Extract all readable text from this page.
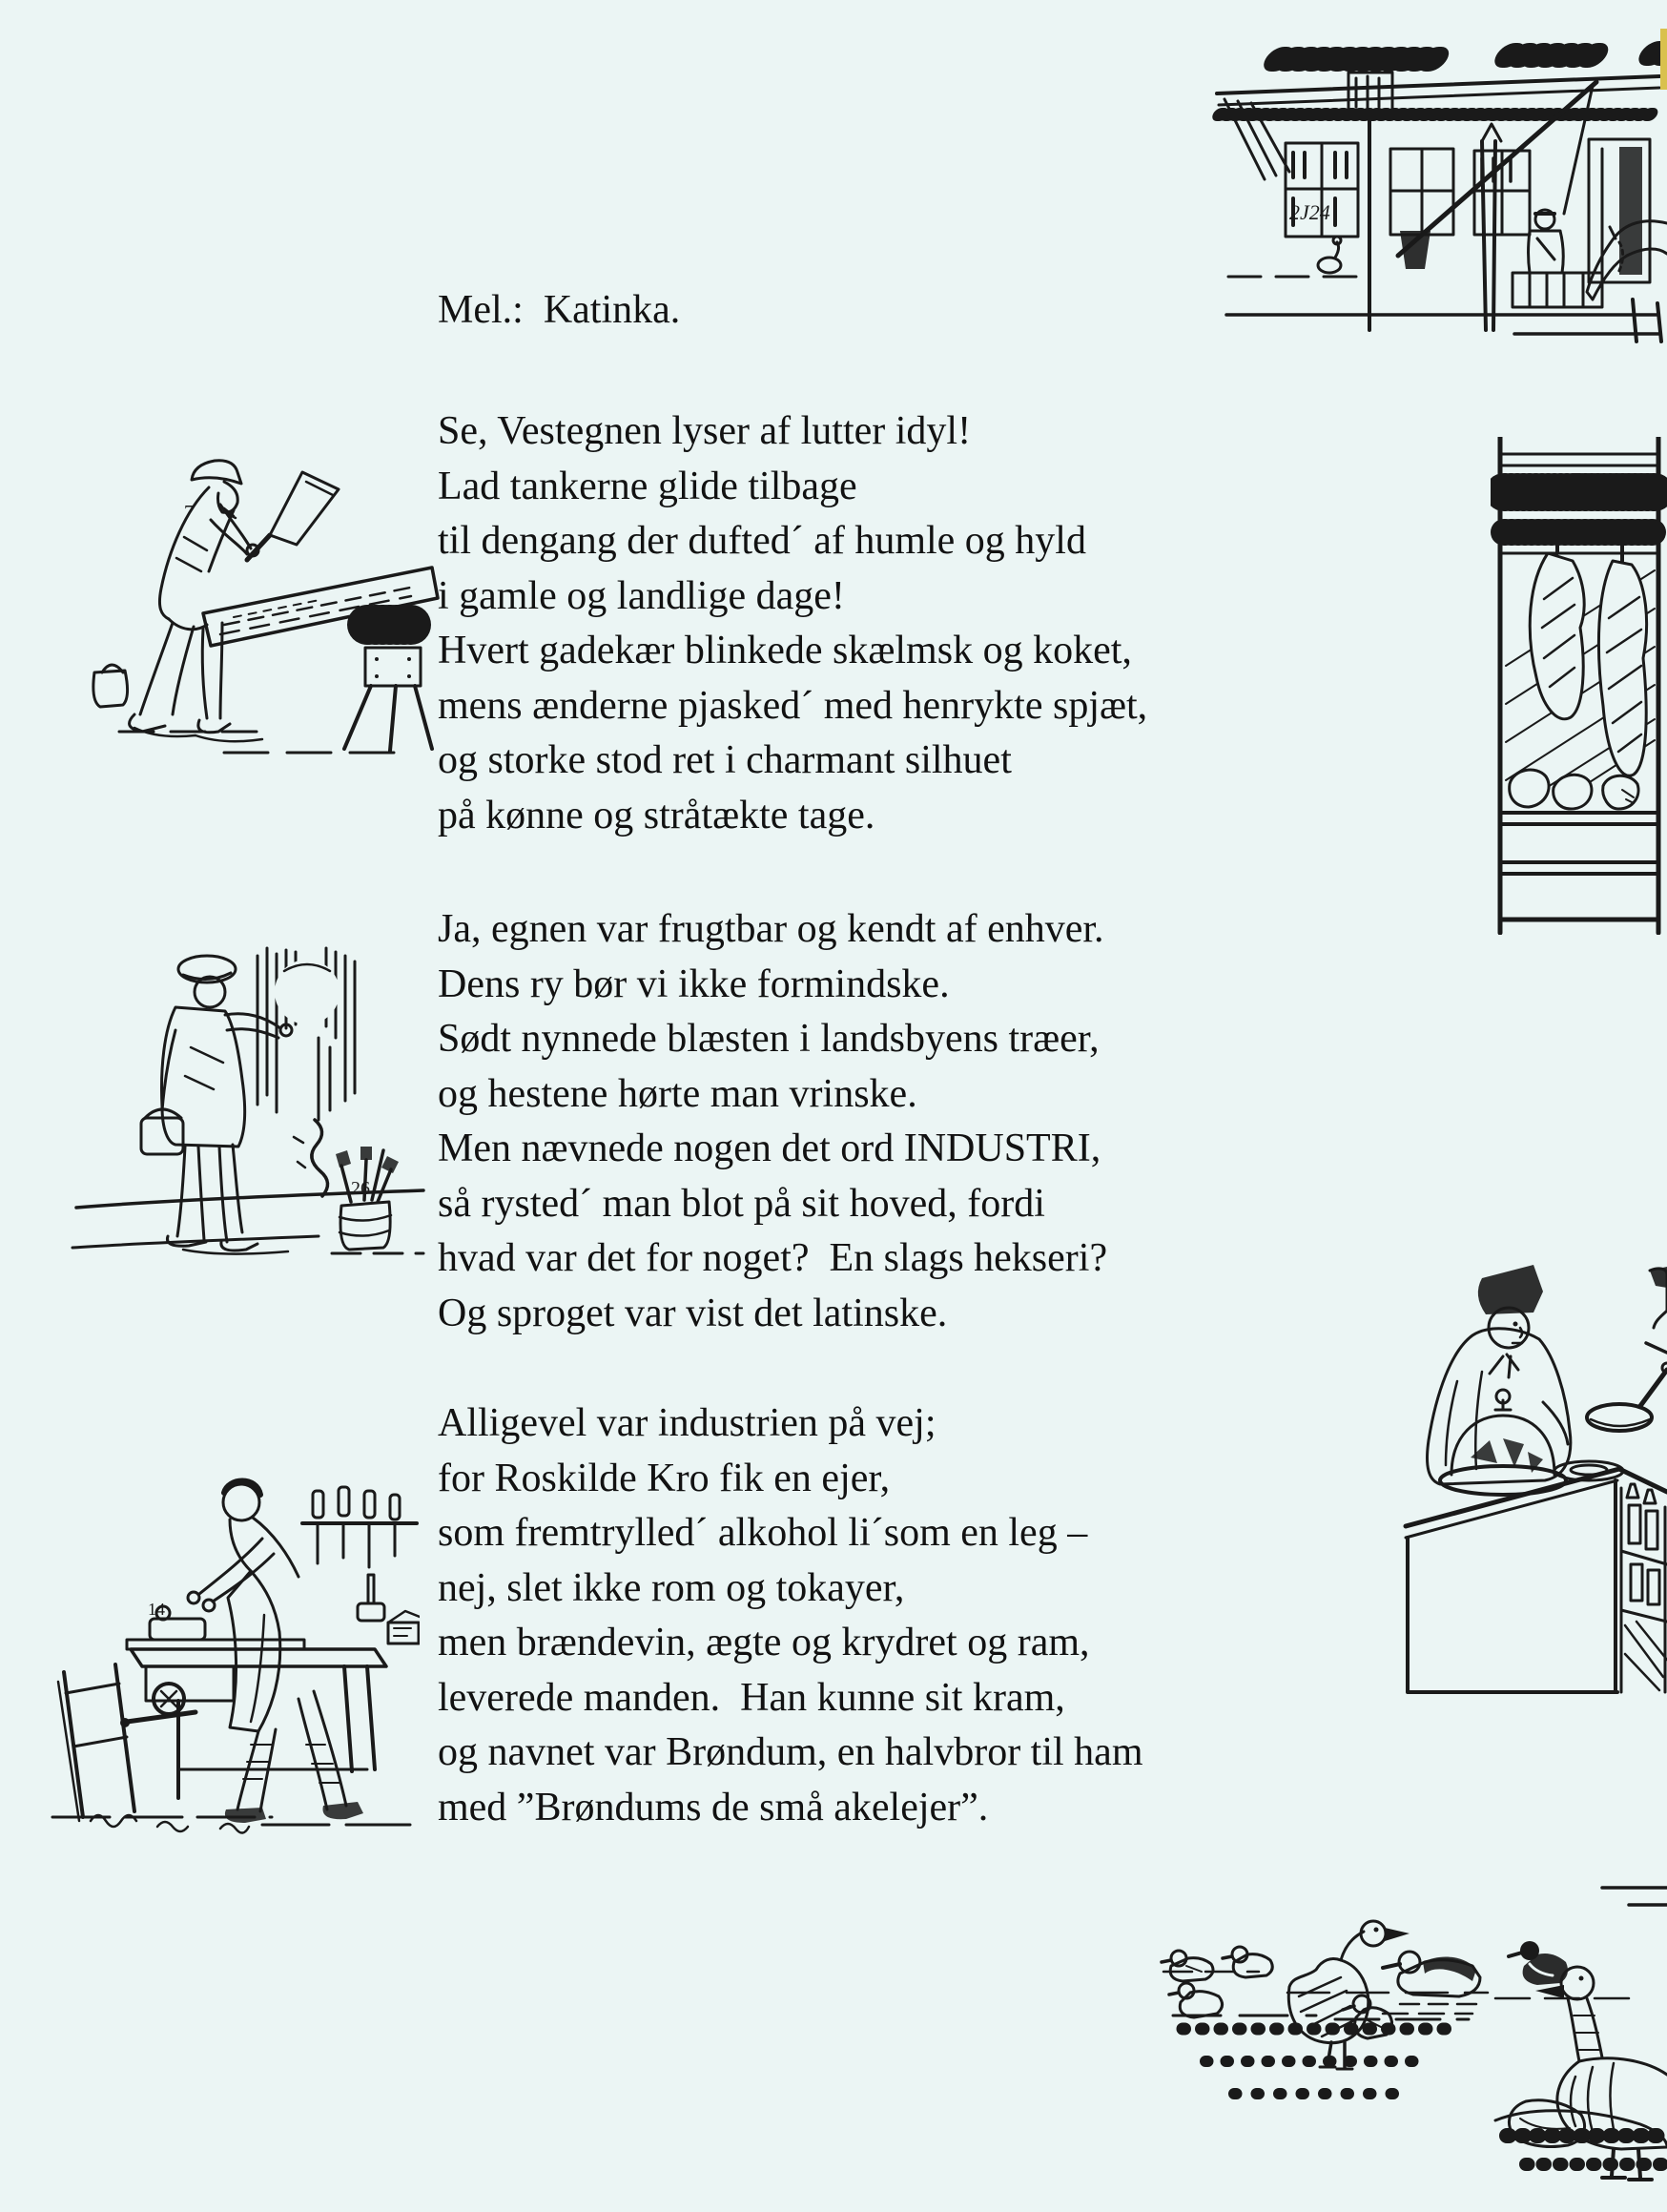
Mel.:  Katinka.
Se, Vestegnen lyser af lutter idyl!
Lad tankerne glide tilbage
til dengang der dufted´ af humle og hyld
i gamle og landlige dage!
Hvert gadekær blinkede skælmsk og koket,
mens ænderne pjasked´ med henrykte spjæt,
og storke stod ret i charmant silhuet
på kønne og stråtækte tage.
Ja, egnen var frugtbar og kendt af enhver.
Dens ry bør vi ikke formindske.
Sødt nynnede blæsten i landsbyens træer,
og hestene hørte man vrinske.
Men nævnede nogen det ord INDUSTRI,
så rysted´ man blot på sit hoved, fordi
hvad var det for noget?  En slags hekseri?
Og sproget var vist det latinske.
Alligevel var industrien på vej;
for Roskilde Kro fik en ejer,
som fremtrylled´ alkohol li´som en leg –
nej, slet ikke rom og tokayer,
men brændevin, ægte og krydret og ram,
leverede manden.  Han kunne sit kram,
og navnet var Brøndum, en halvbror til ham
med ”Brøndums de små akelejer”.
2J24
7
26
14
